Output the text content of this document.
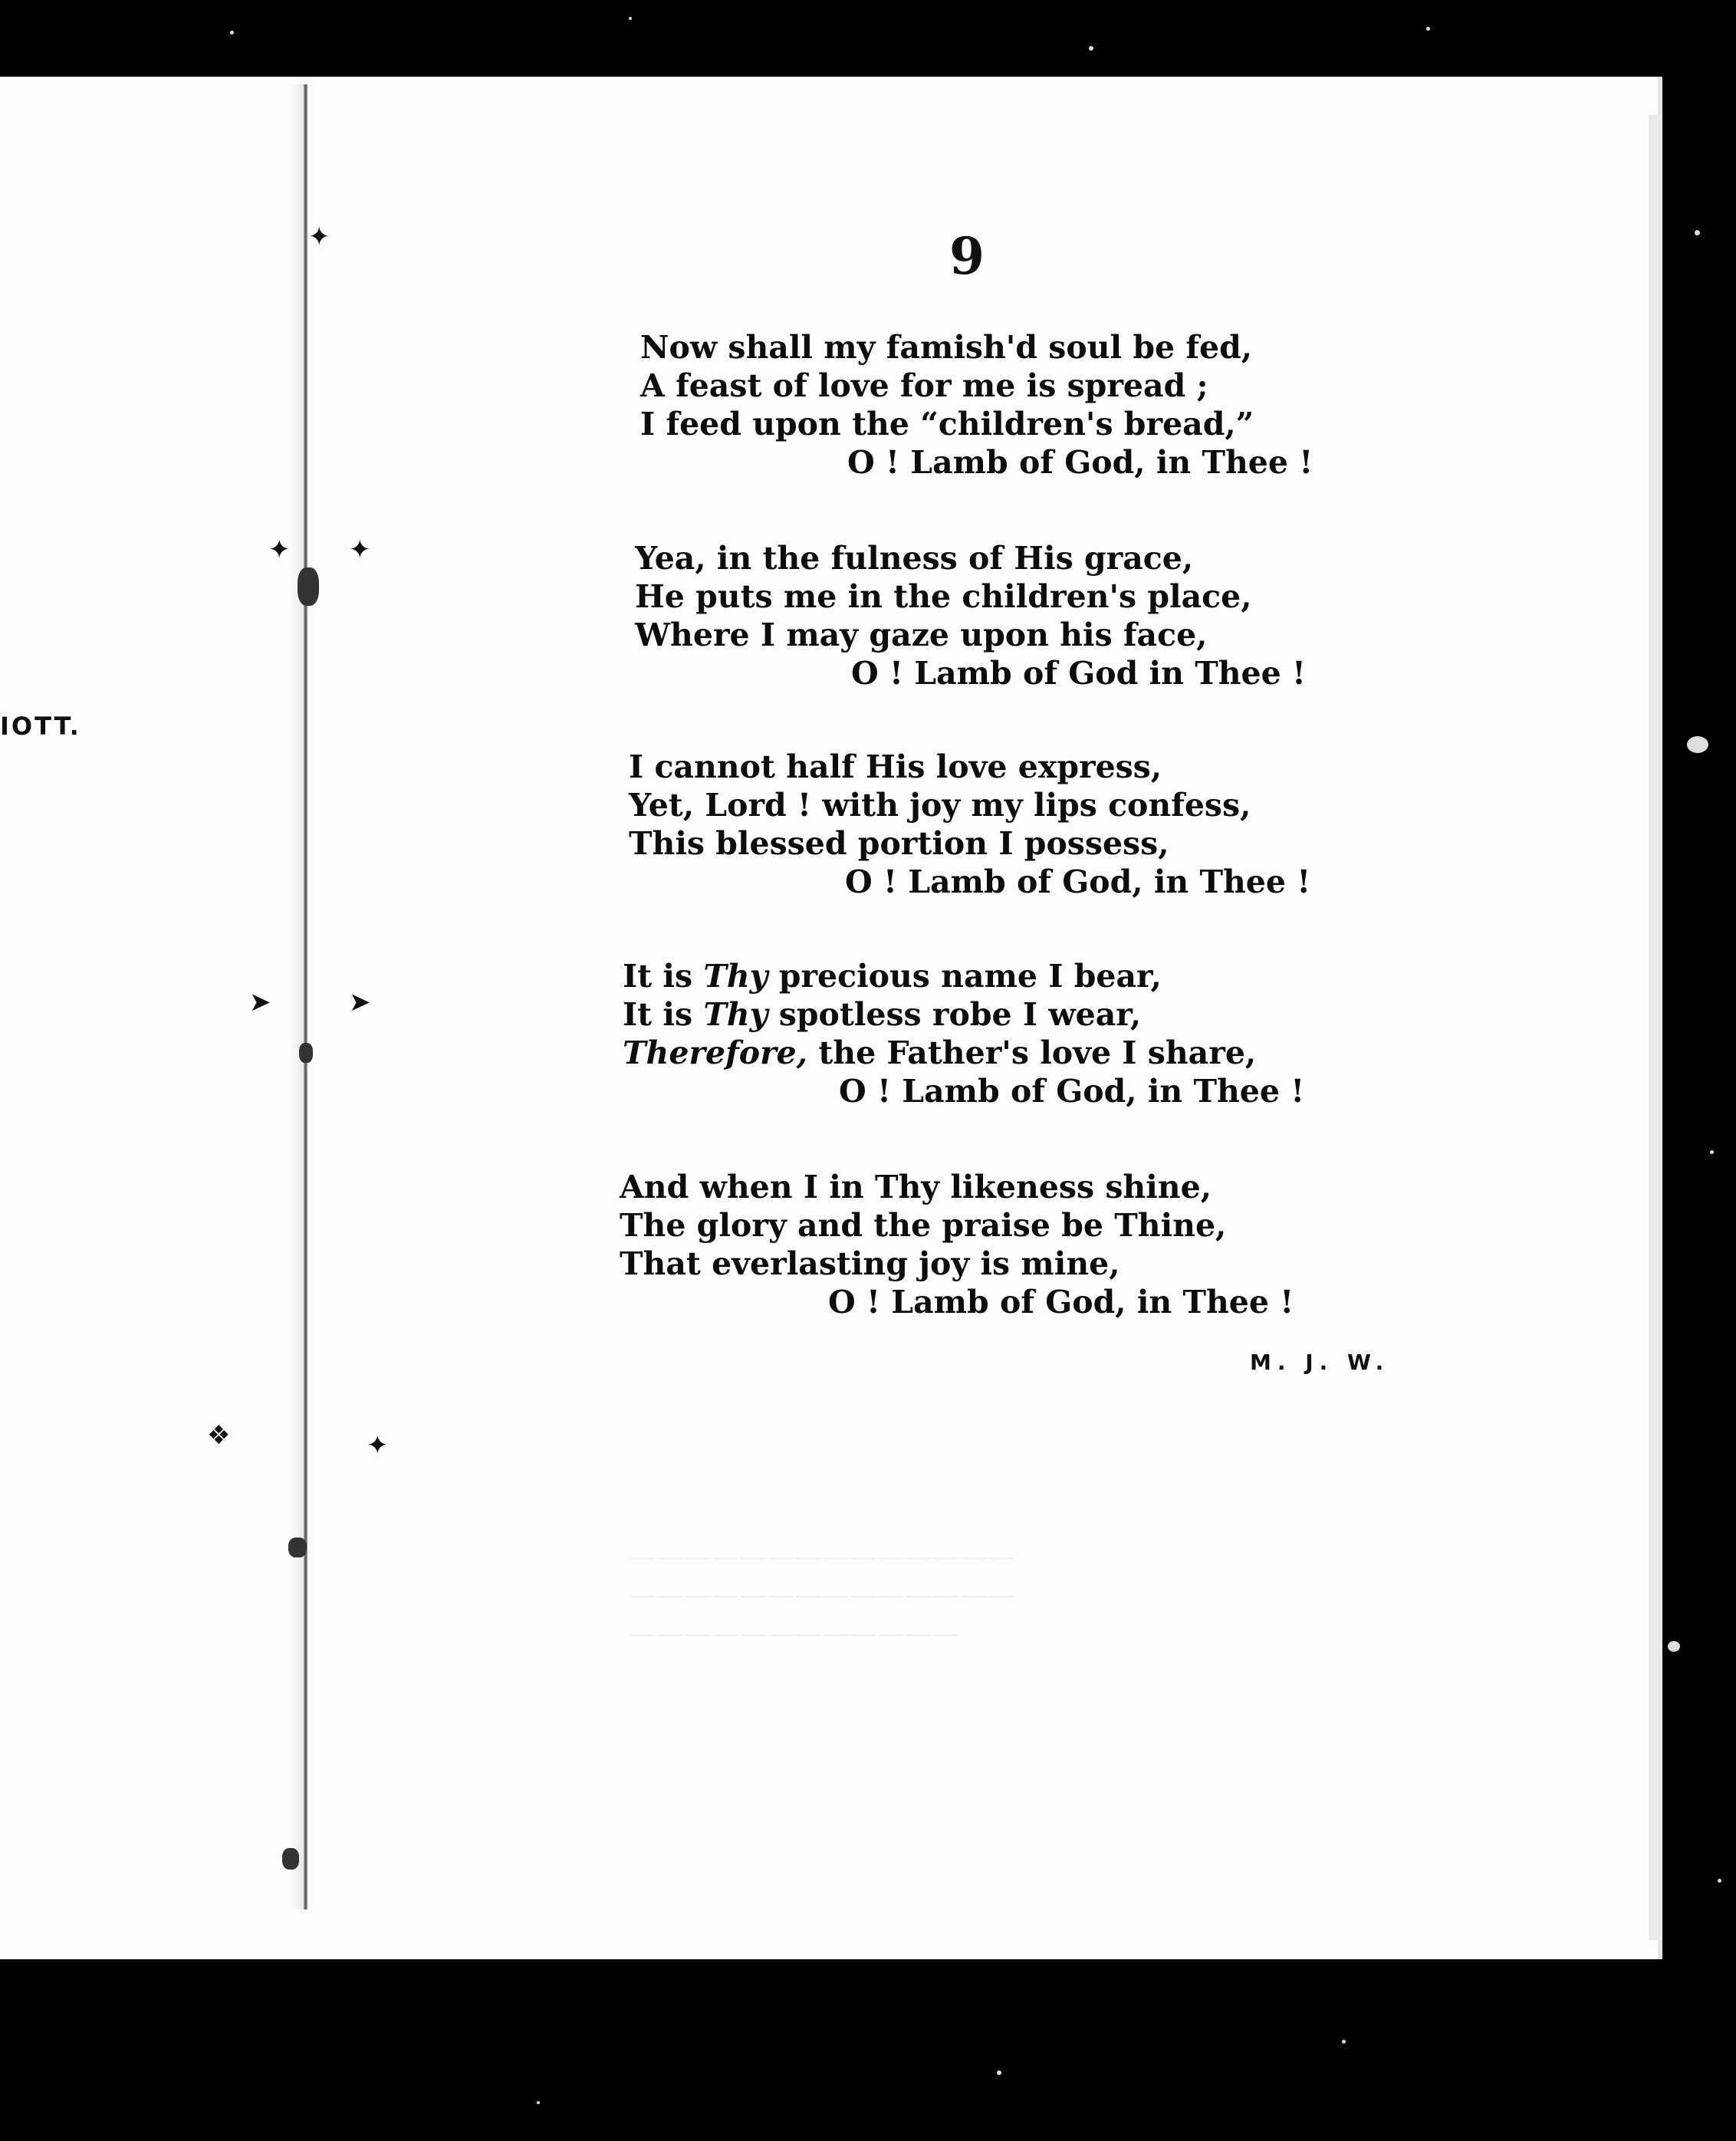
——————————————
——————————————
————————————
✦
✦ ✦
➤	➤
❖	✦
IOTT.
9
Now shall my famish'd soul be fed,
A feast of love for me is spread ;
I feed upon the “children's bread,”
O ! Lamb of God, in Thee !
Yea, in the fulness of His grace,
He puts me in the children's place,
Where I may gaze upon his face,
O ! Lamb of God in Thee !
I cannot half His love express,
Yet, Lord ! with joy my lips confess,
This blessed portion I possess,
O ! Lamb of God, in Thee !
It is Thy precious name I bear,
It is Thy spotless robe I wear,
Therefore, the Father's love I share,
O ! Lamb of God, in Thee !
And when I in Thy likeness shine,
The glory and the praise be Thine,
That everlasting joy is mine,
O ! Lamb of God, in Thee !
M. J. W.
